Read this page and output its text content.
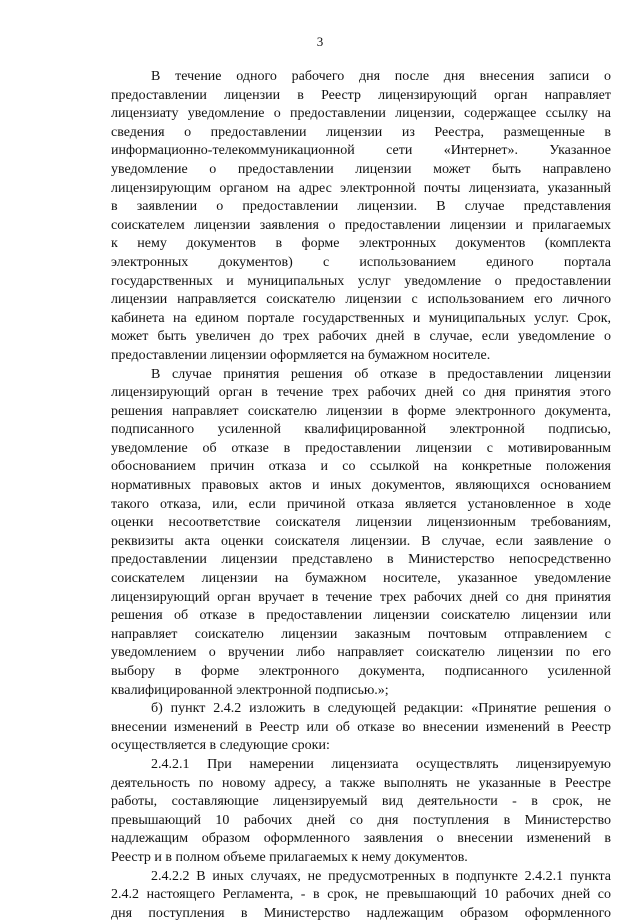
3
В течение одного рабочего дня после дня внесения записи о
предоставлении лицензии в Реестр лицензирующий орган направляет
лицензиату уведомление о предоставлении лицензии, содержащее ссылку на
сведения о предоставлении лицензии из Реестра, размещенные в
информационно-телекоммуникационной сети «Интернет». Указанное
уведомление о предоставлении лицензии может быть направлено
лицензирующим органом на адрес электронной почты лицензиата, указанный
в заявлении о предоставлении лицензии. В случае представления
соискателем лицензии заявления о предоставлении лицензии и прилагаемых
к нему документов в форме электронных документов (комплекта
электронных документов) с использованием единого портала
государственных и муниципальных услуг уведомление о предоставлении
лицензии направляется соискателю лицензии с использованием его личного
кабинета на едином портале государственных и муниципальных услуг. Срок,
может быть увеличен до трех рабочих дней в случае, если уведомление о
предоставлении лицензии оформляется на бумажном носителе.
В случае принятия решения об отказе в предоставлении лицензии
лицензирующий орган в течение трех рабочих дней со дня принятия этого
решения направляет соискателю лицензии в форме электронного документа,
подписанного усиленной квалифицированной электронной подписью,
уведомление об отказе в предоставлении лицензии с мотивированным
обоснованием причин отказа и со ссылкой на конкретные положения
нормативных правовых актов и иных документов, являющихся основанием
такого отказа, или, если причиной отказа является установленное в ходе
оценки несоответствие соискателя лицензии лицензионным требованиям,
реквизиты акта оценки соискателя лицензии. В случае, если заявление о
предоставлении лицензии представлено в Министерство непосредственно
соискателем лицензии на бумажном носителе, указанное уведомление
лицензирующий орган вручает в течение трех рабочих дней со дня принятия
решения об отказе в предоставлении лицензии соискателю лицензии или
направляет соискателю лицензии заказным почтовым отправлением с
уведомлением о вручении либо направляет соискателю лицензии по его
выбору в форме электронного документа, подписанного усиленной
квалифицированной электронной подписью.»;
б) пункт 2.4.2 изложить в следующей редакции: «Принятие решения о
внесении изменений в Реестр или об отказе во внесении изменений в Реестр
осуществляется в следующие сроки:
2.4.2.1 При намерении лицензиата осуществлять лицензируемую
деятельность по новому адресу, а также выполнять не указанные в Реестре
работы, составляющие лицензируемый вид деятельности - в срок, не
превышающий 10 рабочих дней со дня поступления в Министерство
надлежащим образом оформленного заявления о внесении изменений в
Реестр и в полном объеме прилагаемых к нему документов.
2.4.2.2 В иных случаях, не предусмотренных в подпункте 2.4.2.1 пункта
2.4.2 настоящего Регламента, - в срок, не превышающий 10 рабочих дней со
дня поступления в Министерство надлежащим образом оформленного
